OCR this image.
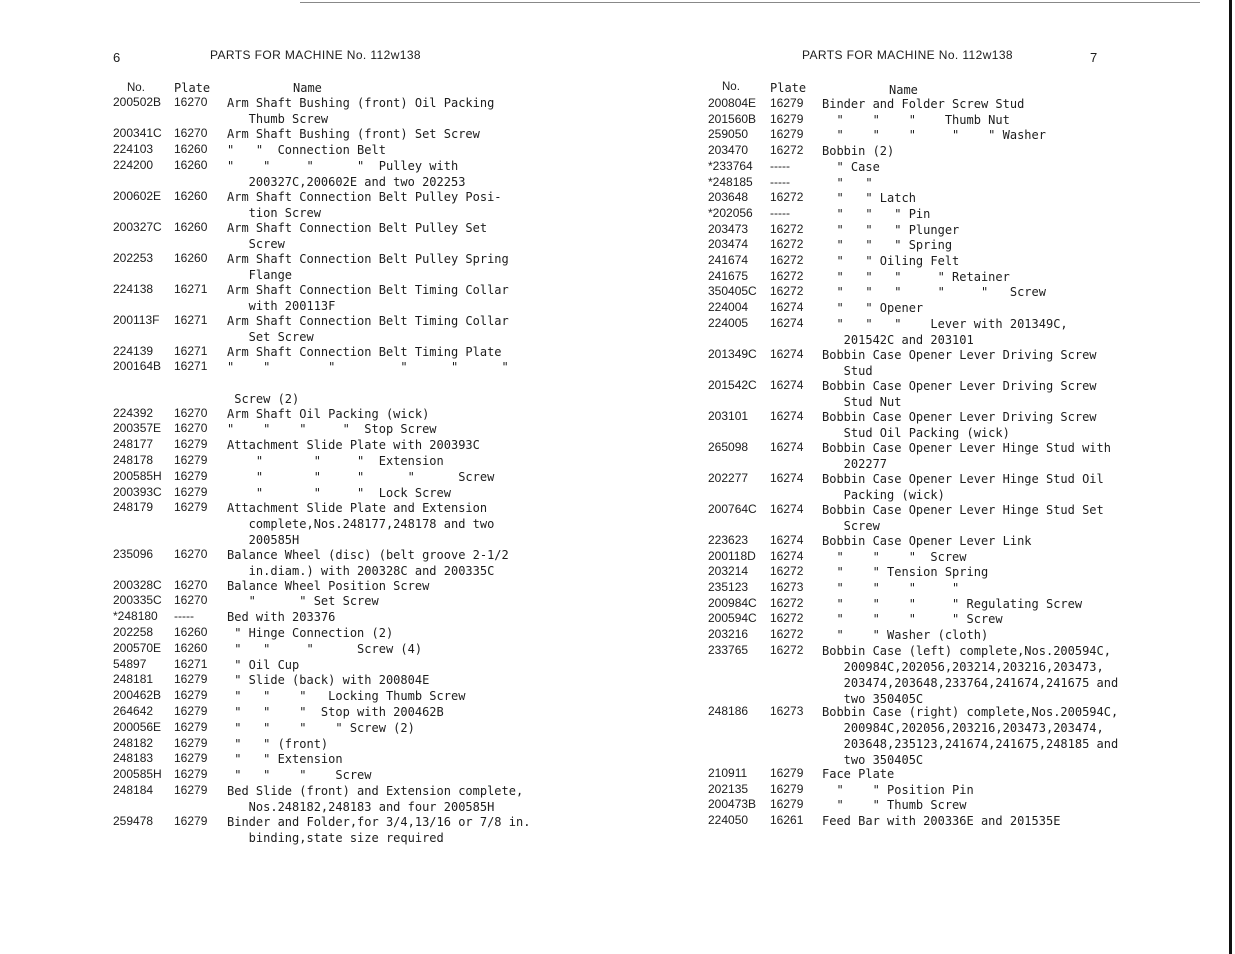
6	PARTS FOR MACHINE No. 112w138
No. Plate	Name
200502B	16270	Arm Shaft Bushing (front) Oil Packing
Thumb Screw
200341C	16270	Arm Shaft Bushing (front) Set Screw
224103	16260	"   "  Connection Belt
224200	16260	"    "     "      "  Pulley with
200327C,200602E and two 202253
200602E	16260	Arm Shaft Connection Belt Pulley Posi-
tion Screw
200327C	16260	Arm Shaft Connection Belt Pulley Set
Screw
202253	16260	Arm Shaft Connection Belt Pulley Spring
Flange
224138	16271	Arm Shaft Connection Belt Timing Collar
with 200113F
200113F	16271	Arm Shaft Connection Belt Timing Collar
Set Screw
224139	16271	Arm Shaft Connection Belt Timing Plate
200164B	16271	"    "        "         "      "      "

Screw (2)
224392	16270	Arm Shaft Oil Packing (wick)
200357E	16270	"    "    "     "  Stop Screw
248177	16279	Attachment Slide Plate with 200393C
248178	16279	"       "     "  Extension
200585H	16279	"       "     "      "      Screw
200393C	16279	"       "     "  Lock Screw
248179	16279	Attachment Slide Plate and Extension
complete,Nos.248177,248178 and two
200585H
235096	16270	Balance Wheel (disc) (belt groove 2-1/2
in.diam.) with 200328C and 200335C
200328C	16270	Balance Wheel Position Screw
200335C	16270	"      " Set Screw
*248180	-----	Bed with 203376
202258	16260	" Hinge Connection (2)
200570E	16260	"   "     "      Screw (4)
54897	16271	" Oil Cup
248181	16279	" Slide (back) with 200804E
200462B	16279	"   "    "   Locking Thumb Screw
264642	16279	"   "    "  Stop with 200462B
200056E	16279	"   "    "    " Screw (2)
248182	16279	"   " (front)
248183	16279	"   " Extension
200585H	16279	"   "    "    Screw
248184	16279	Bed Slide (front) and Extension complete,
Nos.248182,248183 and four 200585H
259478	16279	Binder and Folder,for 3/4,13/16 or 7/8 in.
binding,state size required
PARTS FOR MACHINE No. 112w138	7
No.	Plate	Name
200804E	16279	Binder and Folder Screw Stud
201560B	16279	"    "    "    Thumb Nut
259050	16279	"    "    "     "    " Washer
203470	16272	Bobbin (2)
*233764	-----	" Case
*248185	-----	"   "
203648	16272	"   " Latch
*202056	-----	"   "   " Pin
203473	16272	"   "   " Plunger
203474	16272	"   "   " Spring
241674	16272	"   " Oiling Felt
241675	16272	"   "   "     " Retainer
350405C	16272	"   "   "     "     "   Screw
224004	16274	"   " Opener
224005	16274	"   "   "    Lever with 201349C,
201542C and 203101
201349C	16274	Bobbin Case Opener Lever Driving Screw
Stud
201542C	16274	Bobbin Case Opener Lever Driving Screw
Stud Nut
203101	16274	Bobbin Case Opener Lever Driving Screw
Stud Oil Packing (wick)
265098	16274	Bobbin Case Opener Lever Hinge Stud with
202277
202277	16274	Bobbin Case Opener Lever Hinge Stud Oil
Packing (wick)
200764C	16274	Bobbin Case Opener Lever Hinge Stud Set
Screw
223623	16274	Bobbin Case Opener Lever Link
200118D	16274	"    "    "  Screw
203214	16272	"    " Tension Spring
235123	16273	"    "    "     "
200984C	16272	"    "    "     " Regulating Screw
200594C	16272	"    "    "     " Screw
203216	16272	"    " Washer (cloth)
233765	16272	Bobbin Case (left) complete,Nos.200594C,
200984C,202056,203214,203216,203473,
203474,203648,233764,241674,241675 and
two 350405C
248186	16273	Bobbin Case (right) complete,Nos.200594C,
200984C,202056,203216,203473,203474,
203648,235123,241674,241675,248185 and
two 350405C
210911	16279	Face Plate
202135	16279	"    " Position Pin
200473B	16279	"    " Thumb Screw
224050	16261	Feed Bar with 200336E and 201535E
